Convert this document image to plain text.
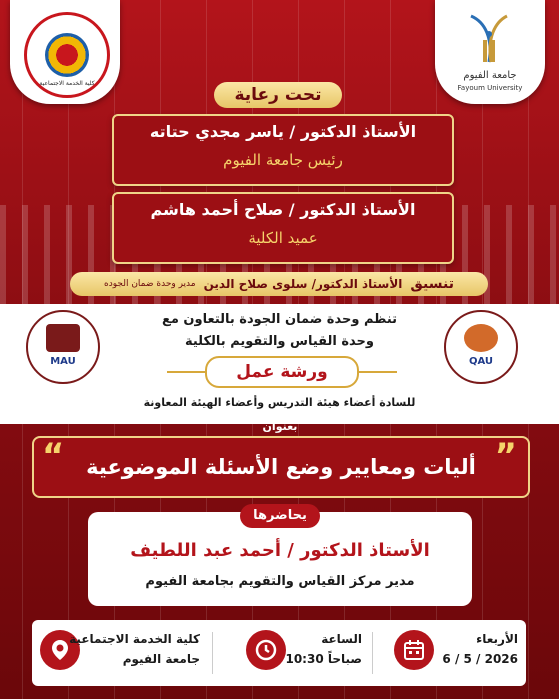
كلية الخدمة الاجتماعية
جامعة الفيوم
Fayoum University
تحت رعاية
الأستاذ الدكتور / ياسر مجدي حتاته
رئيس جامعة الفيوم
الأستاذ الدكتور / صلاح أحمد هاشم
عميد الكلية
تنسيق
الأستاذ الدكتور/ سلوى صلاح الدين
مدير وحدة ضمان الجوده
تنظم وحدة ضمان الجودة بالتعاون مع
وحدة القياس والتقويم بالكلية
للسادة أعضاء هيئة التدريس وأعضاء الهيئة المعاونة
MAU	QAU
ورشة عمل
بعنوان
أليات ومعايير وضع الأسئلة الموضوعية
“	”
يحاضرها
الأستاذ الدكتور / أحمد عبد اللطيف
مدير مركز القياس والتقويم بجامعة الفيوم
كلية الخدمة الاجتماعية
جامعة الفيوم
الساعة
10:30 صباحاً
الأربعاء
6 / 5 / 2026
